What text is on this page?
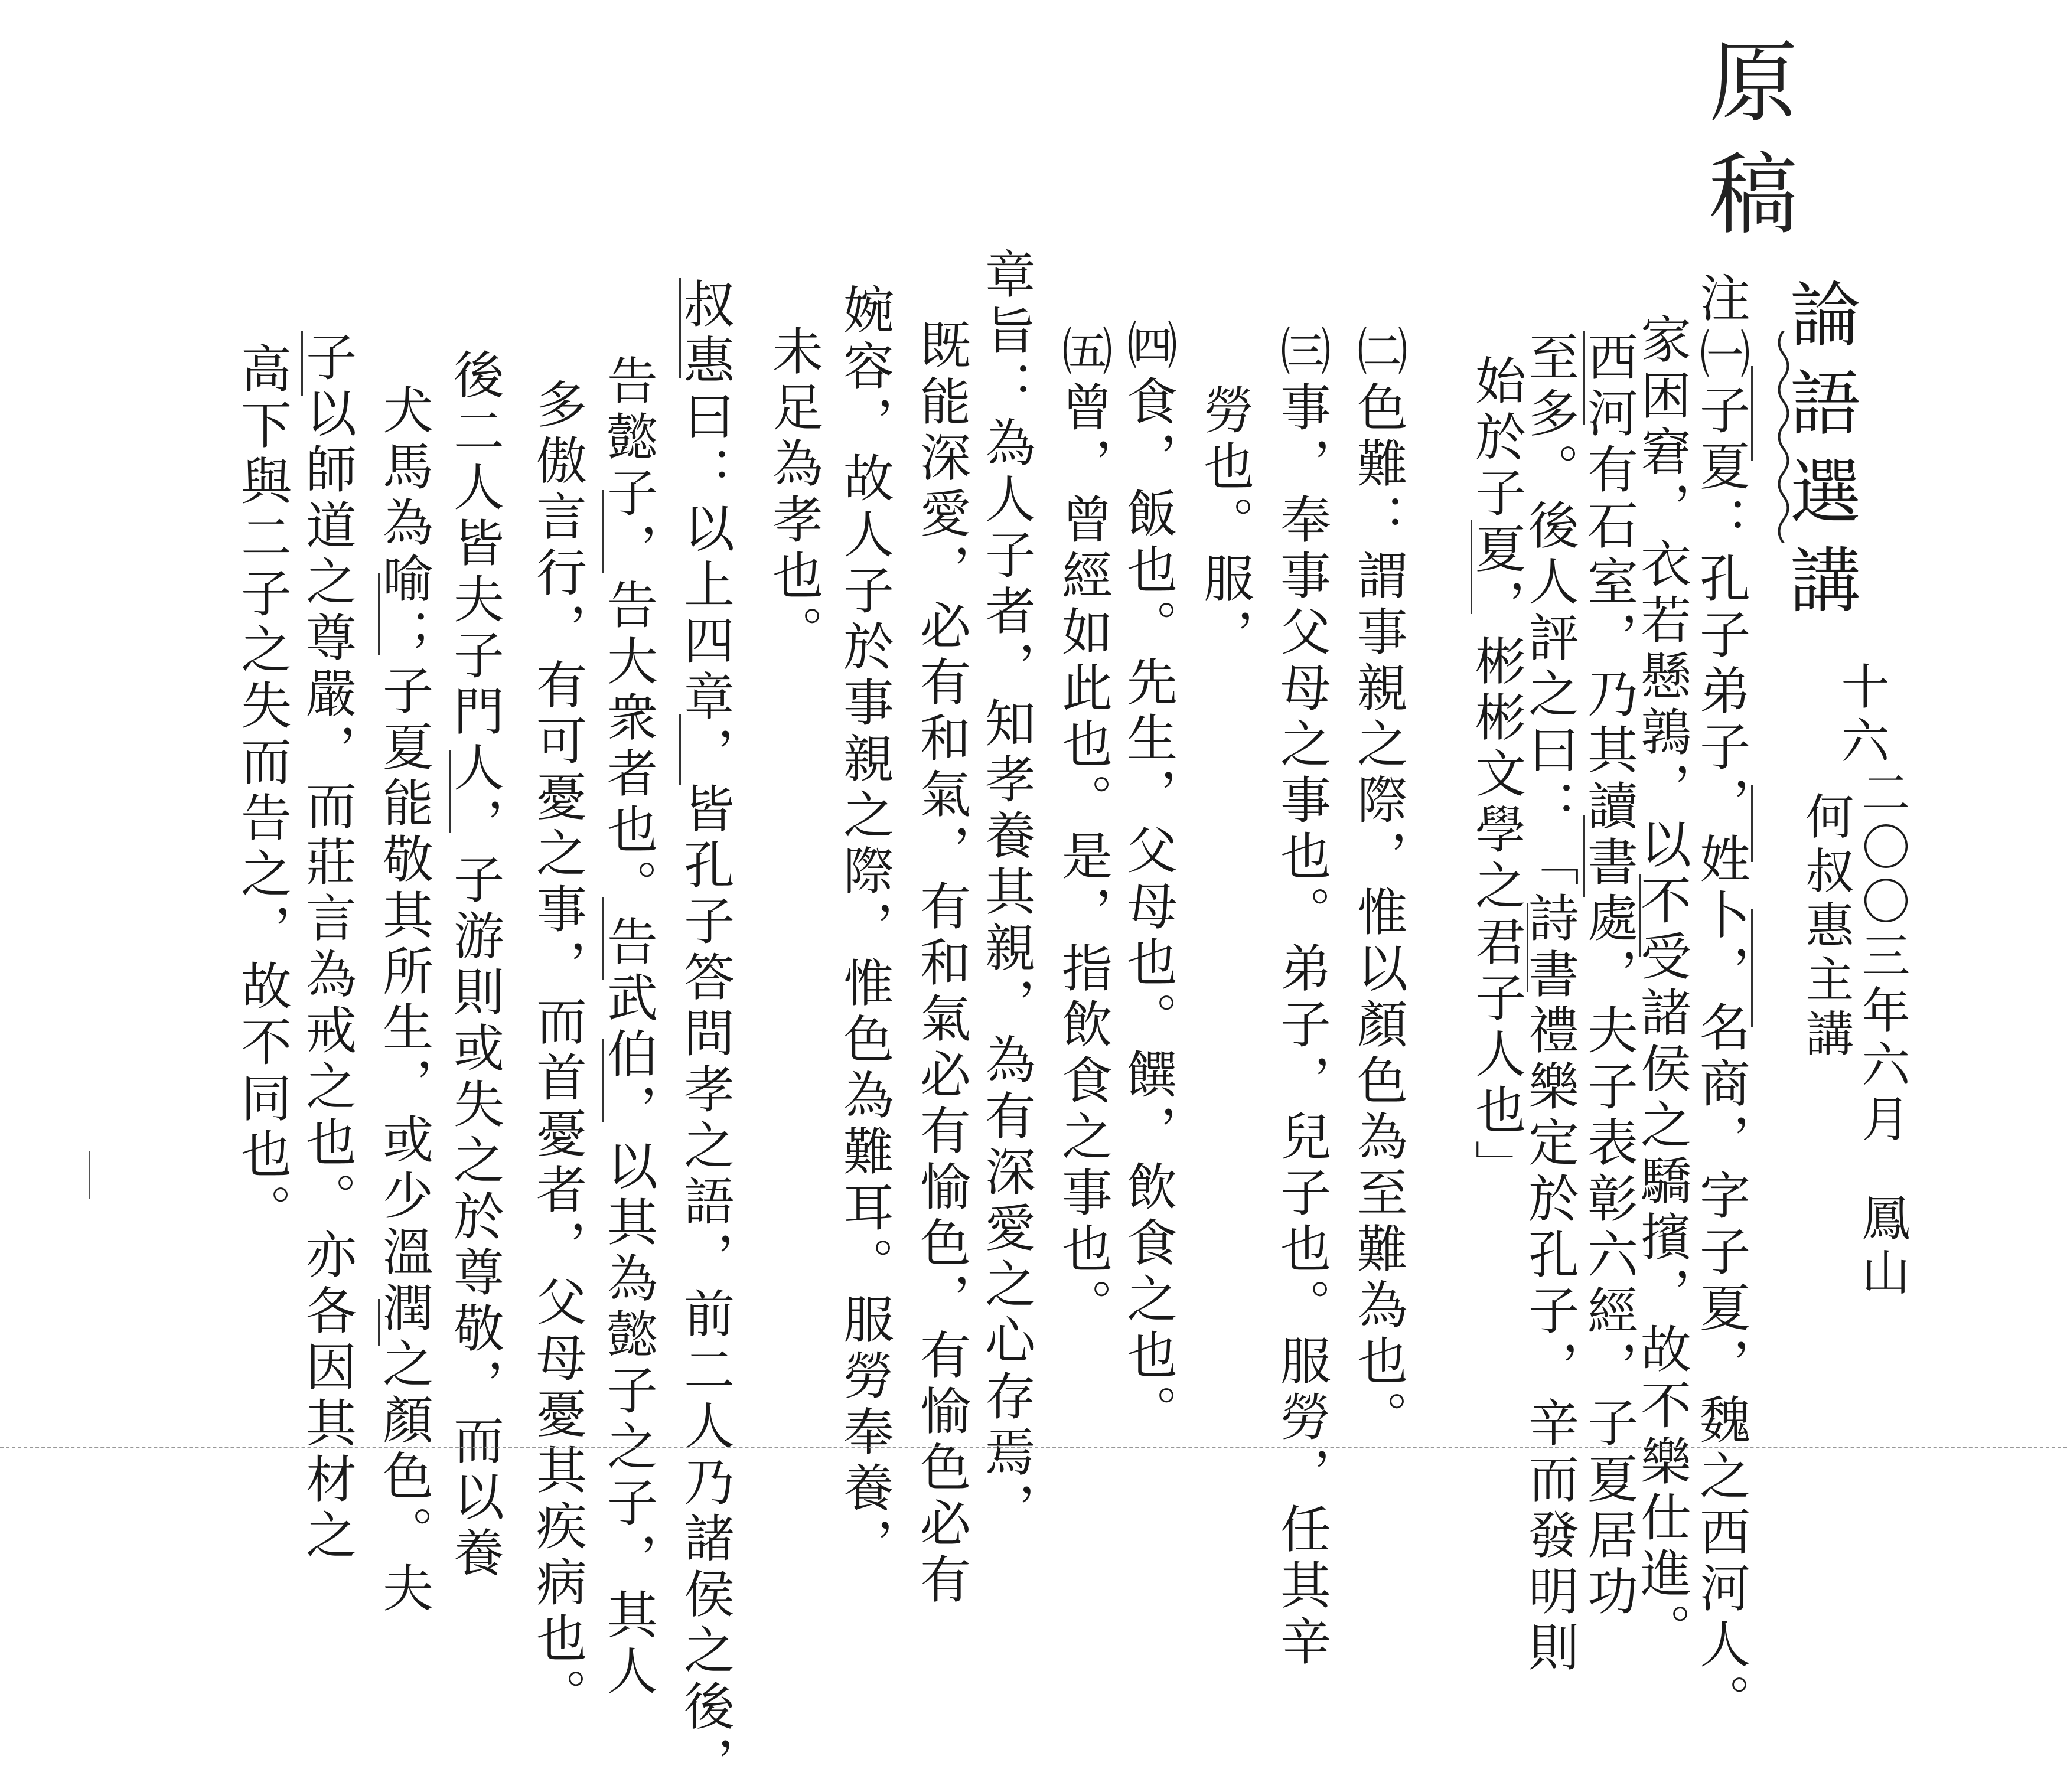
原稿
論語選講
十六
二〇〇三年六月
鳳山
何叔惠主講
注㈠子夏：孔子弟子，姓卜，名商，字子夏，魏之西河人。
家困窘，衣若懸鶉，以不受諸侯之驕擯，故不樂仕進。
西河有石室，乃其讀書處，夫子表彰六經，子夏居功
至多。後人評之曰：「詩書禮樂定於孔子，辛而發明則
始於子夏，彬彬文學之君子人也」
㈡色難：謂事親之際，惟以顏色為至難為也。
㈢事，奉事父母之事也。弟子，兒子也。服勞，任其辛
勞也。服，
㈣食，飯也。先生，父母也。饌，飲食之也。
㈤曾，曾經如此也。是，指飲食之事也。
章旨：為人子者，知孝養其親，為有深愛之心存焉，
既能深愛，必有和氣，有和氣必有愉色，有愉色必有
婉容，故人子於事親之際，惟色為難耳。服勞奉養，
未足為孝也。
叔惠曰：以上四章，皆孔子答問孝之語，前二人乃諸侯之後，
告懿子，告大衆者也。告武伯，以其為懿子之子，其人
多傲言行，有可憂之事，而首憂者，父母憂其疾病也。
後二人皆夫子門人，子游則或失之於尊敬，而以養
犬馬為喻；子夏能敬其所生，或少溫潤之顏色。夫
子以師道之尊嚴，而莊言為戒之也。亦各因其材之
高下與二子之失而告之，故不同也。
